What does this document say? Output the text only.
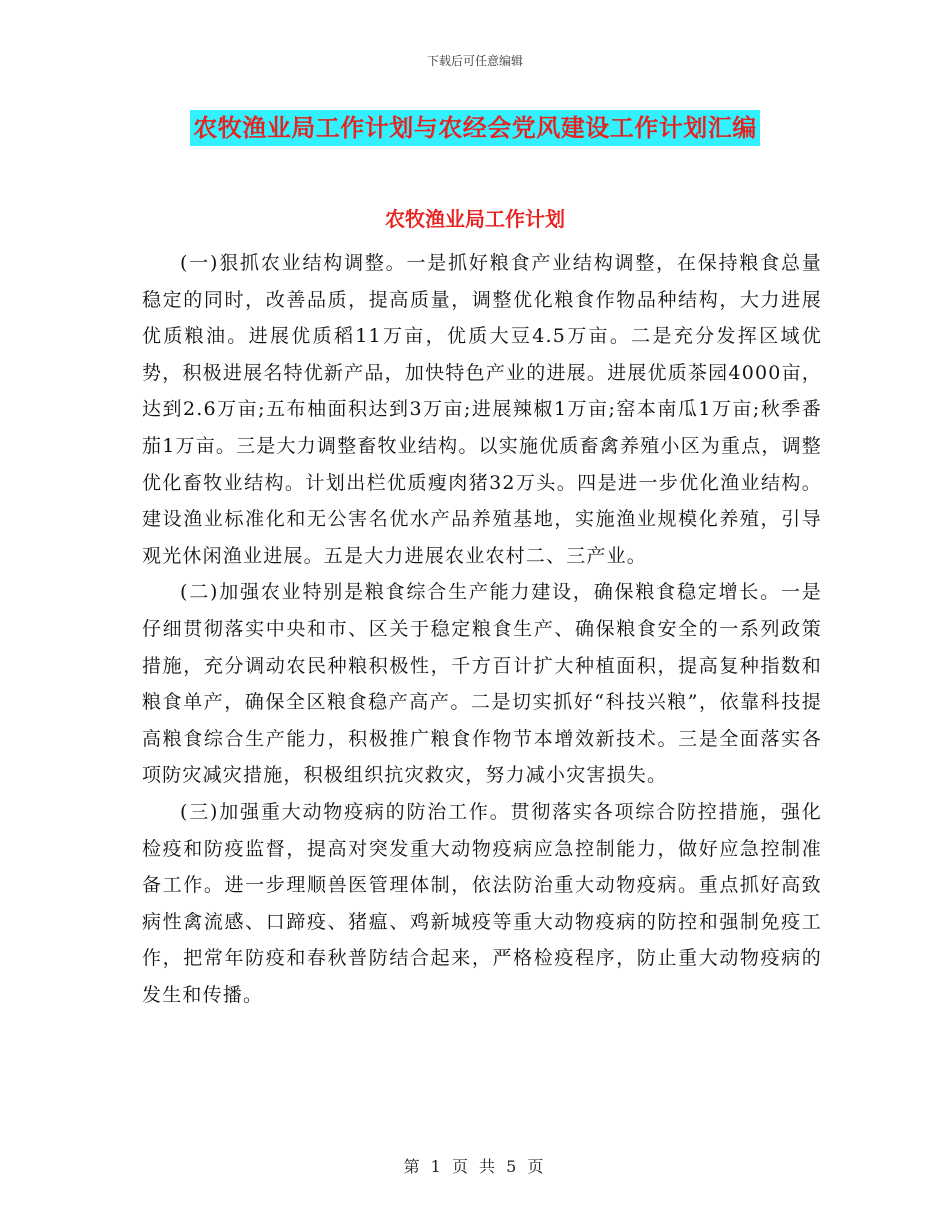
下载后可任意编辑
农牧渔业局工作计划与农经会党风建设工作计划汇编
农牧渔业局工作计划

(一)狠抓农业结构调整。一是抓好粮食产业结构调整，在保持粮食总量稳定的同时，改善品质，提高质量，调整优化粮食作物品种结构，大力进展优质粮油。进展优质稻11万亩，优质大豆4.5万亩。二是充分发挥区域优势，积极进展名特优新产品，加快特色产业的进展。进展优质茶园4000亩，达到2.6万亩;五布柚面积达到3万亩;进展辣椒1万亩;窑本南瓜1万亩;秋季番茄1万亩。三是大力调整畜牧业结构。以实施优质畜禽养殖小区为重点，调整优化畜牧业结构。计划出栏优质瘦肉猪32万头。四是进一步优化渔业结构。建设渔业标准化和无公害名优水产品养殖基地，实施渔业规模化养殖，引导观光休闲渔业进展。五是大力进展农业农村二、三产业。

(二)加强农业特别是粮食综合生产能力建设，确保粮食稳定增长。一是仔细贯彻落实中央和市、区关于稳定粮食生产、确保粮食安全的一系列政策措施，充分调动农民种粮积极性，千方百计扩大种植面积，提高复种指数和粮食单产，确保全区粮食稳产高产。二是切实抓好“科技兴粮”，依靠科技提高粮食综合生产能力，积极推广粮食作物节本增效新技术。三是全面落实各项防灾减灾措施，积极组织抗灾救灾，努力减小灾害损失。

(三)加强重大动物疫病的防治工作。贯彻落实各项综合防控措施，强化检疫和防疫监督，提高对突发重大动物疫病应急控制能力，做好应急控制准备工作。进一步理顺兽医管理体制，依法防治重大动物疫病。重点抓好高致病性禽流感、口蹄疫、猪瘟、鸡新城疫等重大动物疫病的防控和强制免疫工作，把常年防疫和春秋普防结合起来，严格检疫程序，防止重大动物疫病的发生和传播。

第 1 页 共 5 页
